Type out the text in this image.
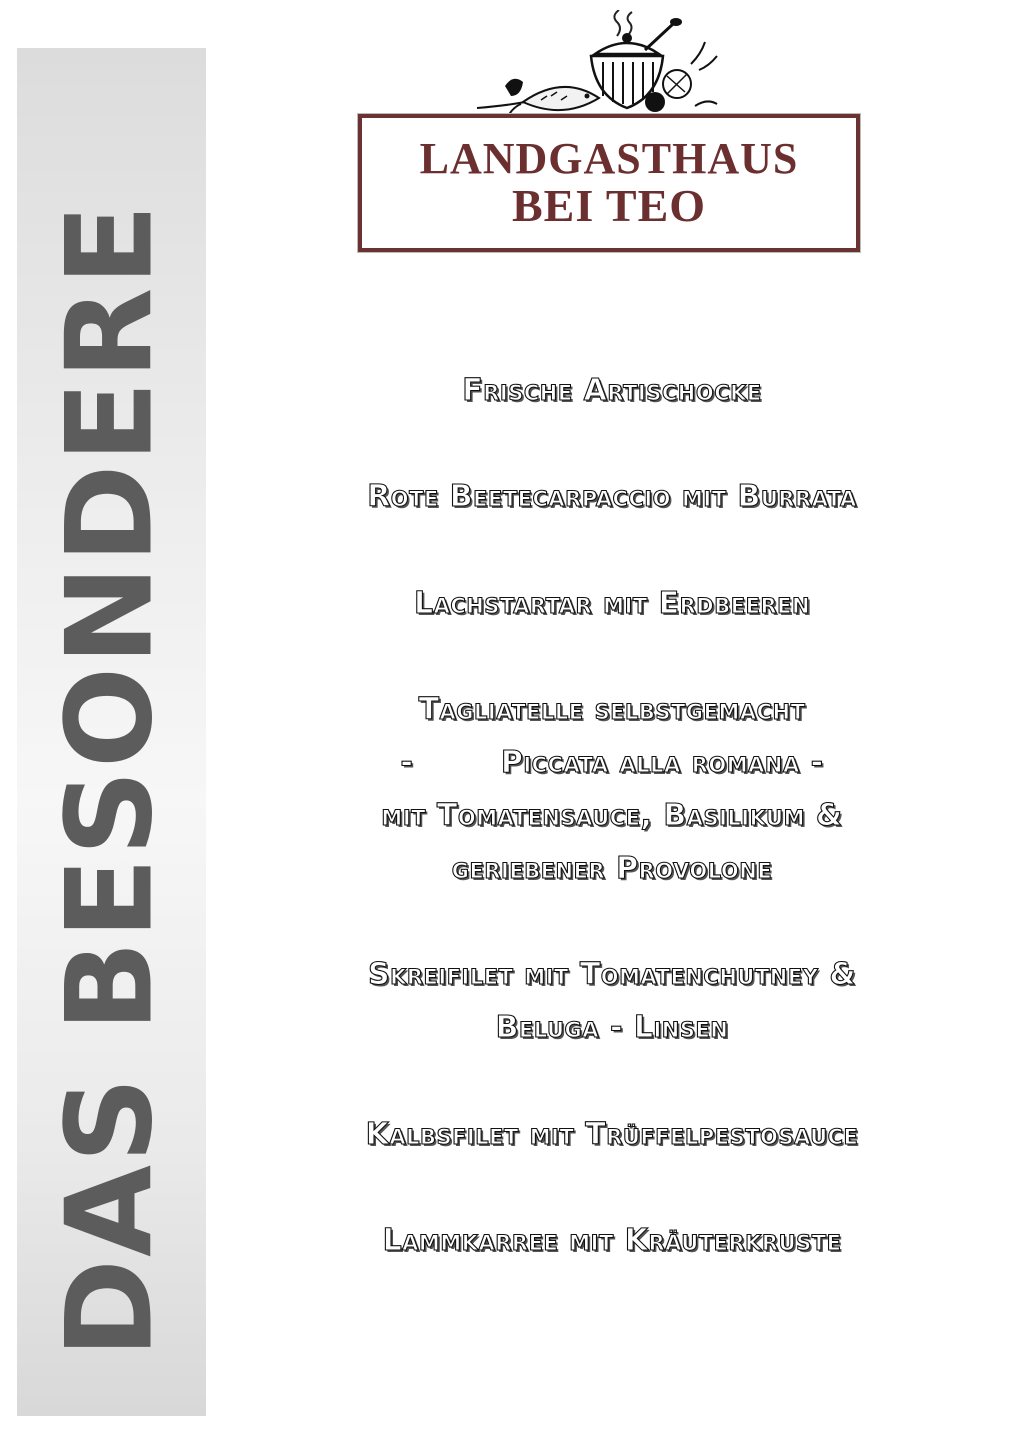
DAS BESONDERE
LANDGASTHAUS
BEI TEO
Frische Artischocke
Rote Beetecarpaccio mit Burrata
Lachstartar mit Erdbeeren
Tagliatelle selbstgemacht
-        Piccata alla romana -
mit Tomatensauce, Basilikum &
geriebener Provolone
Skreifilet mit Tomatenchutney &
Beluga - Linsen
Kalbsfilet mit Trüffelpestosauce
Lammkarree mit Kräuterkruste
